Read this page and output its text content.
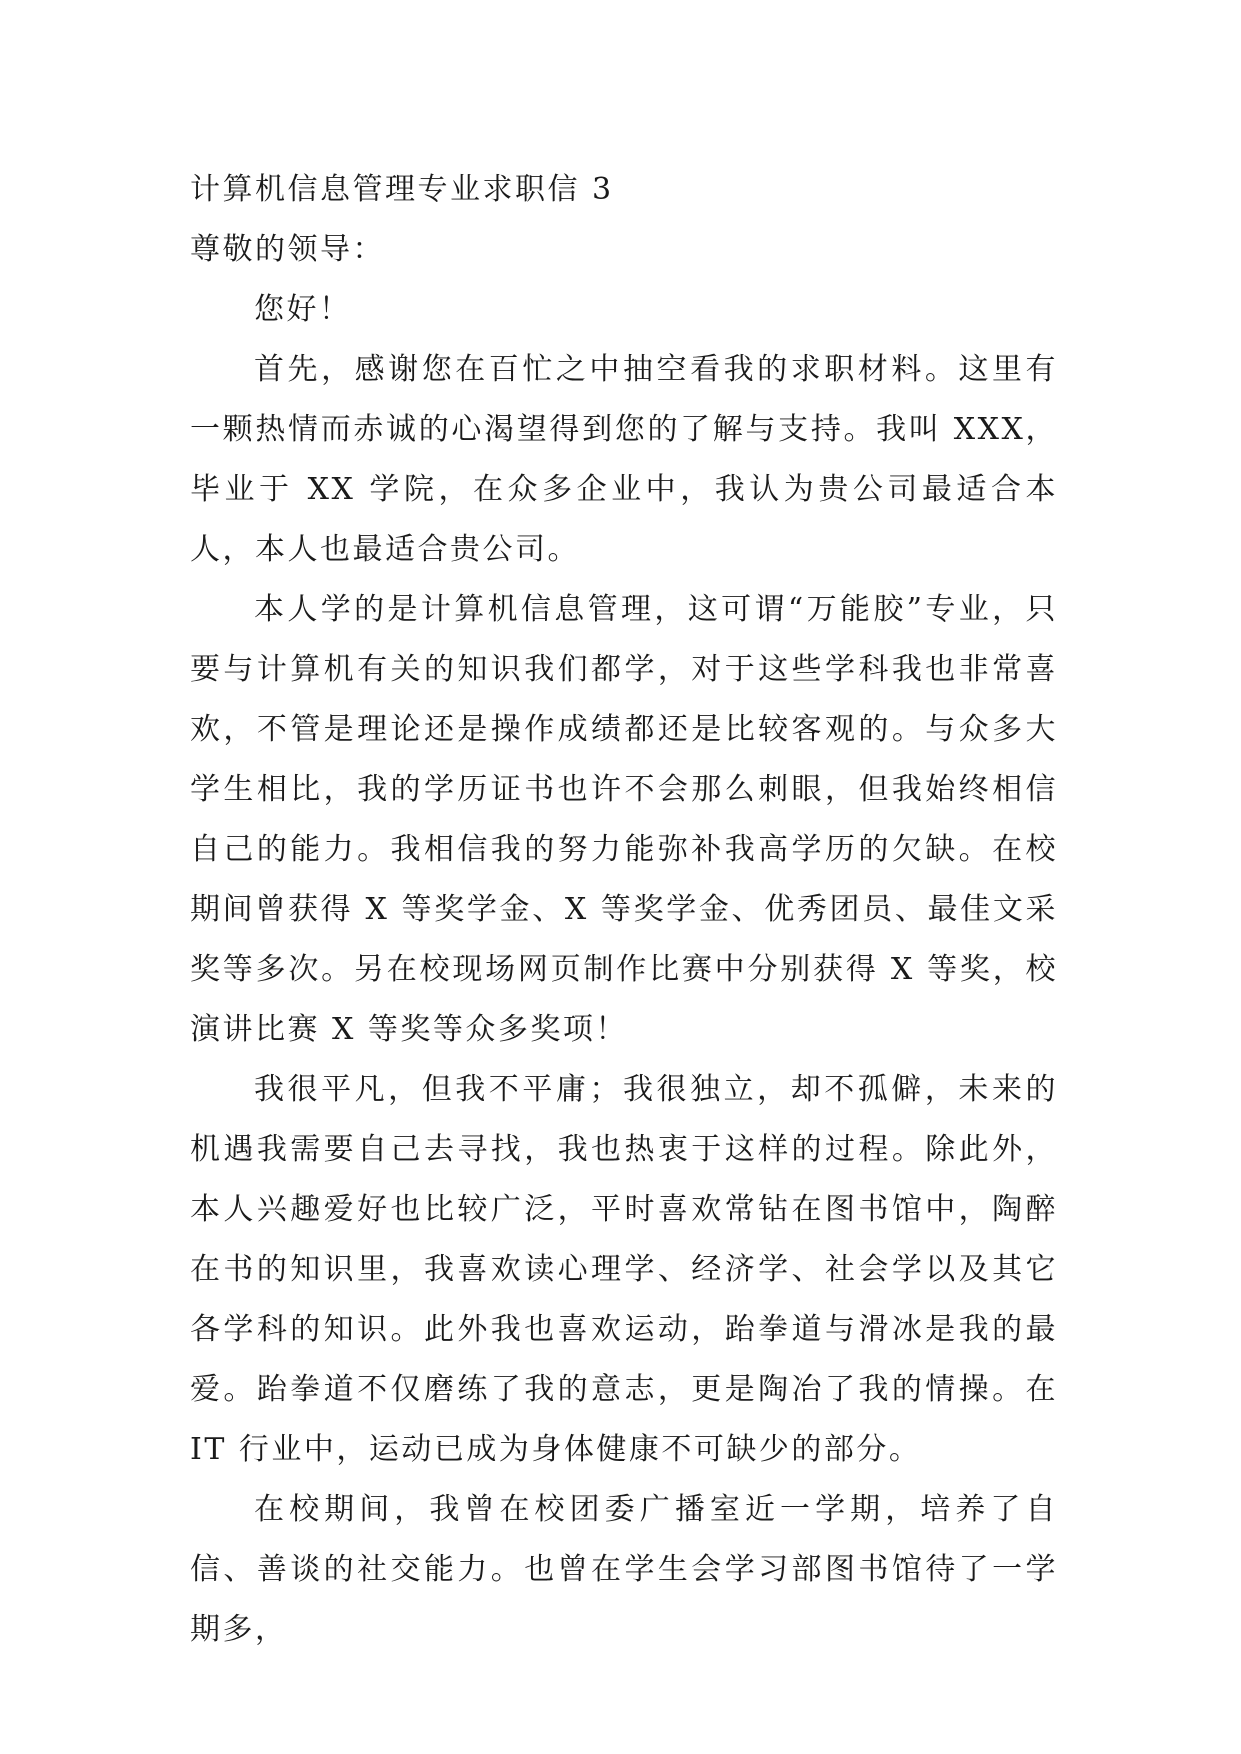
计算机信息管理专业求职信 3

尊敬的领导：

您好！

首先，感谢您在百忙之中抽空看我的求职材料。这里有一颗热情而赤诚的心渴望得到您的了解与支持。我叫 XXX，毕业于 XX 学院，在众多企业中，我认为贵公司最适合本人，本人也最适合贵公司。

本人学的是计算机信息管理，这可谓“万能胶”专业，只要与计算机有关的知识我们都学，对于这些学科我也非常喜欢，不管是理论还是操作成绩都还是比较客观的。与众多大学生相比，我的学历证书也许不会那么刺眼，但我始终相信自己的能力。我相信我的努力能弥补我高学历的欠缺。在校期间曾获得 X 等奖学金、X 等奖学金、优秀团员、最佳文采奖等多次。另在校现场网页制作比赛中分别获得 X 等奖，校演讲比赛 X 等奖等众多奖项！

我很平凡，但我不平庸；我很独立，却不孤僻，未来的机遇我需要自己去寻找，我也热衷于这样的过程。除此外，本人兴趣爱好也比较广泛，平时喜欢常钻在图书馆中，陶醉在书的知识里，我喜欢读心理学、经济学、社会学以及其它各学科的知识。此外我也喜欢运动，跆拳道与滑冰是我的最爱。跆拳道不仅磨练了我的意志，更是陶冶了我的情操。在 IT 行业中，运动已成为身体健康不可缺少的部分。

在校期间，我曾在校团委广播室近一学期，培养了自信、善谈的社交能力。也曾在学生会学习部图书馆待了一学期多，
